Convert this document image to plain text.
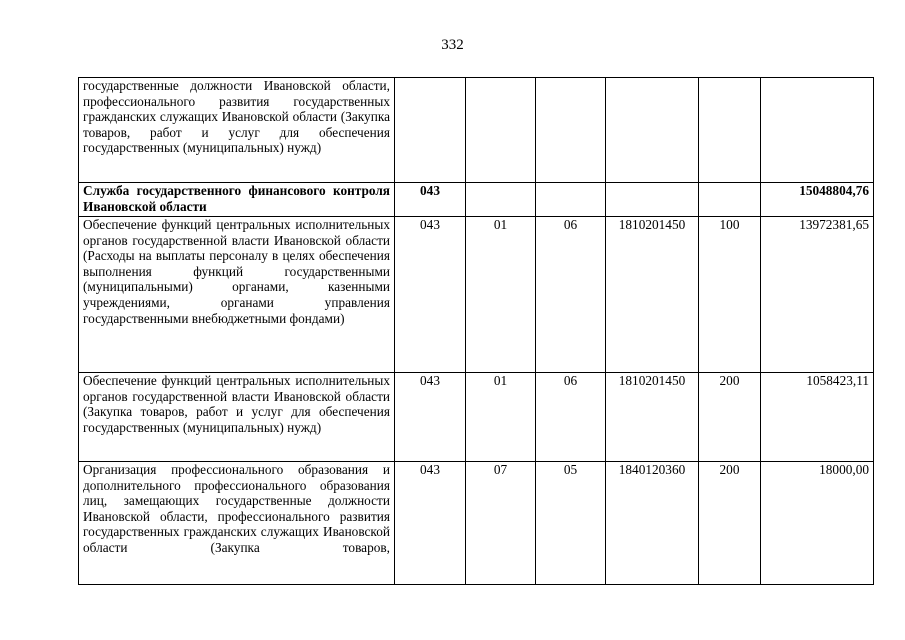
332
государственные должности Ивановской области, профессионального развития государственных гражданских служащих Ивановской области (Закупка товаров, работ и услуг для обеспечения государственных (муниципальных) нужд)						
Служба государственного финансового контроля Ивановской области	043					15048804,76
Обеспечение функций центральных исполнительных органов государственной власти Ивановской области (Расходы на выплаты персоналу в целях обеспечения выполнения функций государственными (муниципальными) органами, казенными учреждениями, органами управления государственными внебюджетными фондами)	043	01	06	1810201450	100	13972381,65
Обеспечение функций центральных исполнительных органов государственной власти Ивановской области (Закупка товаров, работ и услуг для обеспечения государственных (муниципальных) нужд)	043	01	06	1810201450	200	1058423,11
Организация профессионального образования и дополнительного профессионального образования лиц, замещающих государственные должности Ивановской области, профессионального развития государственных гражданских служащих Ивановской области (Закупка товаров,	043	07	05	1840120360	200	18000,00
